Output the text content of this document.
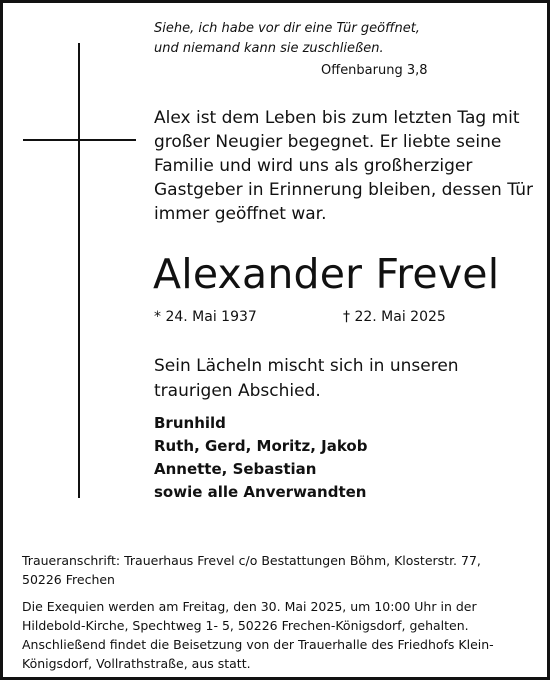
Siehe, ich habe vor dir eine Tür geöffnet,
und niemand kann sie zuschließen.
Offenbarung 3,8
Alex ist dem Leben bis zum letzten Tag mit
großer Neugier begegnet. Er liebte seine
Familie und wird uns als großherziger
Gastgeber in Erinnerung bleiben, dessen Tür
immer geöffnet war.
Alexander Frevel
* 24. Mai 1937	† 22. Mai 2025
Sein Lächeln mischt sich in unseren
traurigen Abschied.
Brunhild
Ruth, Gerd, Moritz, Jakob
Annette, Sebastian
sowie alle Anverwandten
Traueranschrift: Trauerhaus Frevel c/o Bestattungen Böhm, Klosterstr. 77,
50226 Frechen
Die Exequien werden am Freitag, den 30. Mai 2025, um 10:00 Uhr in der
Hildebold-Kirche, Spechtweg 1- 5, 50226 Frechen-Königsdorf, gehalten.
Anschließend findet die Beisetzung von der Trauerhalle des Friedhofs Klein-
Königsdorf, Vollrathstraße, aus statt.
